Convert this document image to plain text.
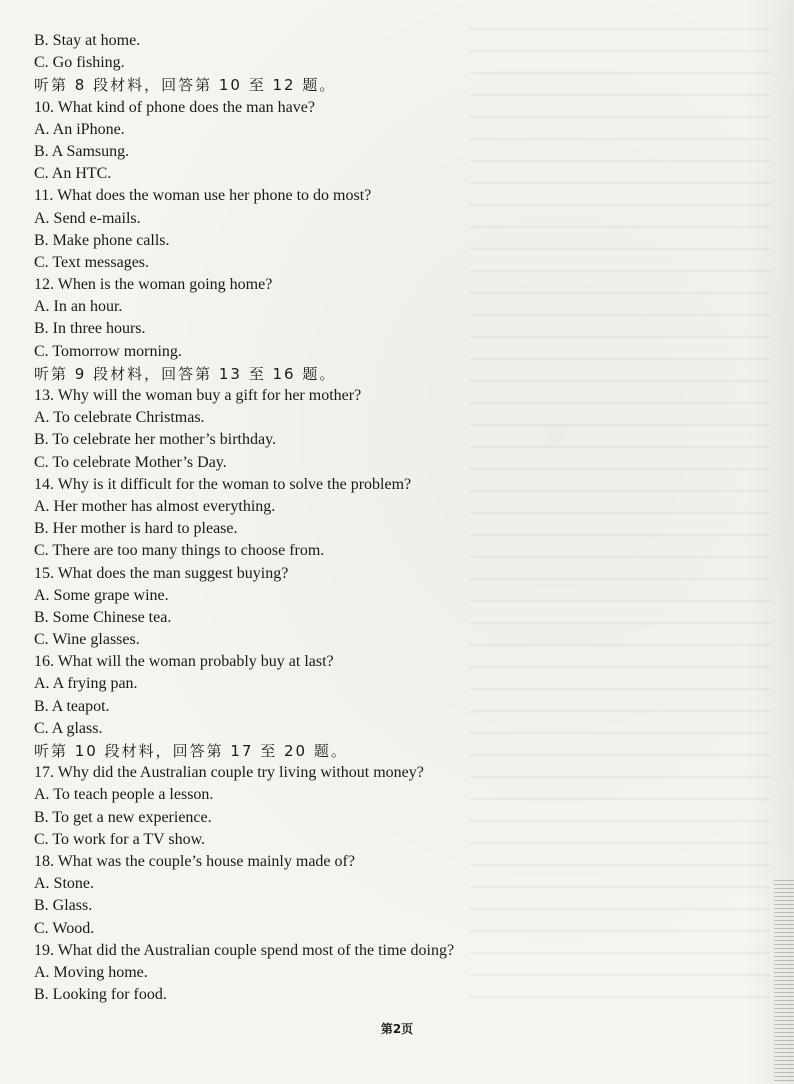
B. Stay at home.
C. Go fishing.
听第 8 段材料，回答第 10 至 12 题。
10. What kind of phone does the man have?
A. An iPhone.
B. A Samsung.
C. An HTC.
11. What does the woman use her phone to do most?
A. Send e-mails.
B. Make phone calls.
C. Text messages.
12. When is the woman going home?
A. In an hour.
B. In three hours.
C. Tomorrow morning.
听第 9 段材料，回答第 13 至 16 题。
13. Why will the woman buy a gift for her mother?
A. To celebrate Christmas.
B. To celebrate her mother’s birthday.
C. To celebrate Mother’s Day.
14. Why is it difficult for the woman to solve the problem?
A. Her mother has almost everything.
B. Her mother is hard to please.
C. There are too many things to choose from.
15. What does the man suggest buying?
A. Some grape wine.
B. Some Chinese tea.
C. Wine glasses.
16. What will the woman probably buy at last?
A. A frying pan.
B. A teapot.
C. A glass.
听第 10 段材料，回答第 17 至 20 题。
17. Why did the Australian couple try living without money?
A. To teach people a lesson.
B. To get a new experience.
C. To work for a TV show.
18. What was the couple’s house mainly made of?
A. Stone.
B. Glass.
C. Wood.
19. What did the Australian couple spend most of the time doing?
A. Moving home.
B. Looking for food.
第2页
